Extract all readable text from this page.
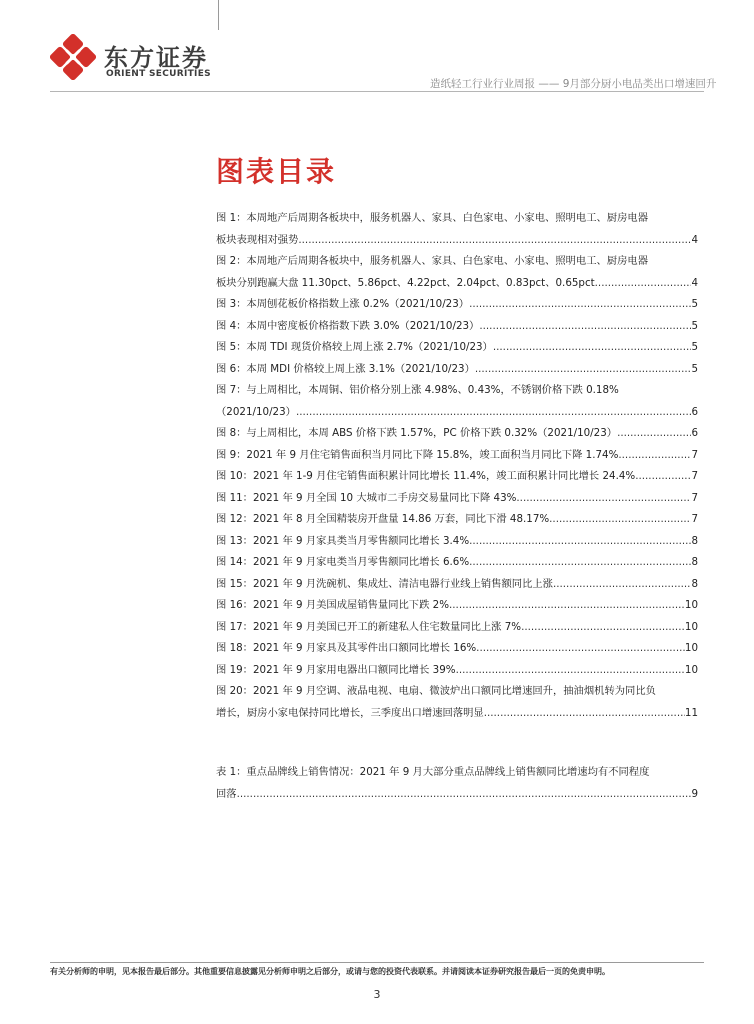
东方证券
ORIENT SECURITIES
造纸轻工行业行业周报 —— 9月部分厨小电品类出口增速回升
图表目录
图 1：本周地产后周期各板块中，服务机器人、家具、白色家电、小家电、照明电工、厨房电器
板块表现相对强势 .....	4
图 2：本周地产后周期各板块中，服务机器人、家具、白色家电、小家电、照明电工、厨房电器
板块分别跑赢大盘 11.30pct、5.86pct、4.22pct、2.04pct、0.83pct、0.65pct .....	4
图 3：本周刨花板价格指数上涨 0.2%（2021/10/23） .....	5
图 4：本周中密度板价格指数下跌 3.0%（2021/10/23） .....	5
图 5：本周 TDI 现货价格较上周上涨 2.7%（2021/10/23） .....	5
图 6：本周 MDI 价格较上周上涨 3.1%（2021/10/23） .....	5
图 7：与上周相比，本周铜、铝价格分别上涨 4.98%、0.43%，不锈钢价格下跌 0.18%
（2021/10/23） .....	6
图 8：与上周相比，本周 ABS 价格下跌 1.57%，PC 价格下跌 0.32%（2021/10/23） .....	6
图 9：2021 年 9 月住宅销售面积当月同比下降 15.8%，竣工面积当月同比下降 1.74% .....	7
图 10：2021 年 1-9 月住宅销售面积累计同比增长 11.4%，竣工面积累计同比增长 24.4% .....	7
图 11：2021 年 9 月全国 10 大城市二手房交易量同比下降 43% .....	7
图 12：2021 年 8 月全国精装房开盘量 14.86 万套，同比下滑 48.17% .....	7
图 13：2021 年 9 月家具类当月零售额同比增长 3.4% .....	8
图 14：2021 年 9 月家电类当月零售额同比增长 6.6% .....	8
图 15：2021 年 9 月洗碗机、集成灶、清洁电器行业线上销售额同比上涨 .....	8
图 16：2021 年 9 月美国成屋销售量同比下跌 2% .....	10
图 17：2021 年 9 月美国已开工的新建私人住宅数量同比上涨 7% .....	10
图 18：2021 年 9 月家具及其零件出口额同比增长 16% .....	10
图 19：2021 年 9 月家用电器出口额同比增长 39% .....	10
图 20：2021 年 9 月空调、液晶电视、电扇、微波炉出口额同比增速回升，抽油烟机转为同比负
增长，厨房小家电保持同比增长，三季度出口增速回落明显 .....	11
表 1：重点品牌线上销售情况：2021 年 9 月大部分重点品牌线上销售额同比增速均有不同程度
回落 .....	9
有关分析师的申明，见本报告最后部分。其他重要信息披露见分析师申明之后部分，或请与您的投资代表联系。并请阅读本证券研究报告最后一页的免责申明。
3
